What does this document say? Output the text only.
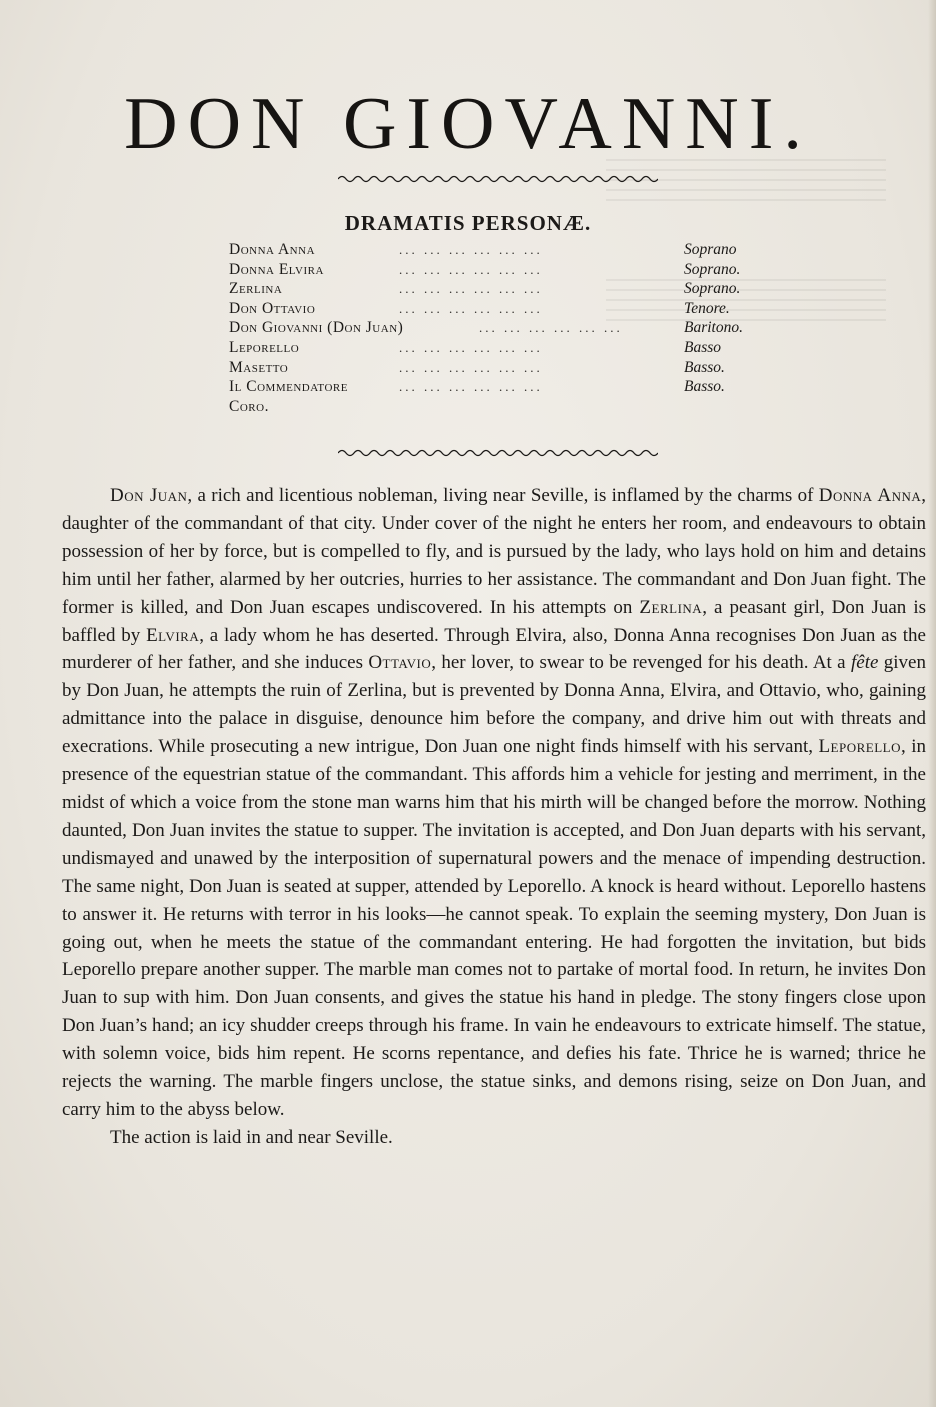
DON GIOVANNI.
DRAMATIS PERSONÆ.
Donna Anna	... ... ... ... ... ...	Soprano
Donna Elvira	... ... ... ... ... ...	Soprano.
Zerlina	... ... ... ... ... ...	Soprano.
Don Ottavio	... ... ... ... ... ...	Tenore.
Don Giovanni (Don Juan)	... ... ... ... ... ...	Baritono.
Leporello	... ... ... ... ... ...	Basso
Masetto	... ... ... ... ... ...	Basso.
Il Commendatore	... ... ... ... ... ...	Basso.
Coro.

Don Juan, a rich and licentious nobleman, living near Seville, is inflamed by the charms of Donna Anna, daughter of the commandant of that city. Under cover of the night he enters her room, and endeavours to obtain possession of her by force, but is compelled to fly, and is pursued by the lady, who lays hold on him and detains him until her father, alarmed by her outcries, hurries to her assistance. The commandant and Don Juan fight. The former is killed, and Don Juan escapes undiscovered. In his attempts on Zerlina, a peasant girl, Don Juan is baffled by Elvira, a lady whom he has deserted. Through Elvira, also, Donna Anna recognises Don Juan as the murderer of her father, and she induces Ottavio, her lover, to swear to be revenged for his death. At a fête given by Don Juan, he attempts the ruin of Zerlina, but is prevented by Donna Anna, Elvira, and Ottavio, who, gaining admittance into the palace in disguise, denounce him before the company, and drive him out with threats and execrations. While prosecuting a new intrigue, Don Juan one night finds himself with his servant, Leporello, in presence of the equestrian statue of the commandant. This affords him a vehicle for jesting and merriment, in the midst of which a voice from the stone man warns him that his mirth will be changed before the morrow. Nothing daunted, Don Juan invites the statue to supper. The invitation is accepted, and Don Juan departs with his servant, undismayed and unawed by the interposition of supernatural powers and the menace of impending destruction. The same night, Don Juan is seated at supper, attended by Leporello. A knock is heard without. Leporello hastens to answer it. He returns with terror in his looks—he cannot speak. To explain the seeming mystery, Don Juan is going out, when he meets the statue of the commandant entering. He had forgotten the invitation, but bids Leporello prepare another supper. The marble man comes not to partake of mortal food. In return, he invites Don Juan to sup with him. Don Juan consents, and gives the statue his hand in pledge. The stony fingers close upon Don Juan’s hand; an icy shudder creeps through his frame. In vain he endeavours to extricate himself. The statue, with solemn voice, bids him repent. He scorns repentance, and defies his fate. Thrice he is warned; thrice he rejects the warning. The marble fingers unclose, the statue sinks, and demons rising, seize on Don Juan, and carry him to the abyss below.

The action is laid in and near Seville.
